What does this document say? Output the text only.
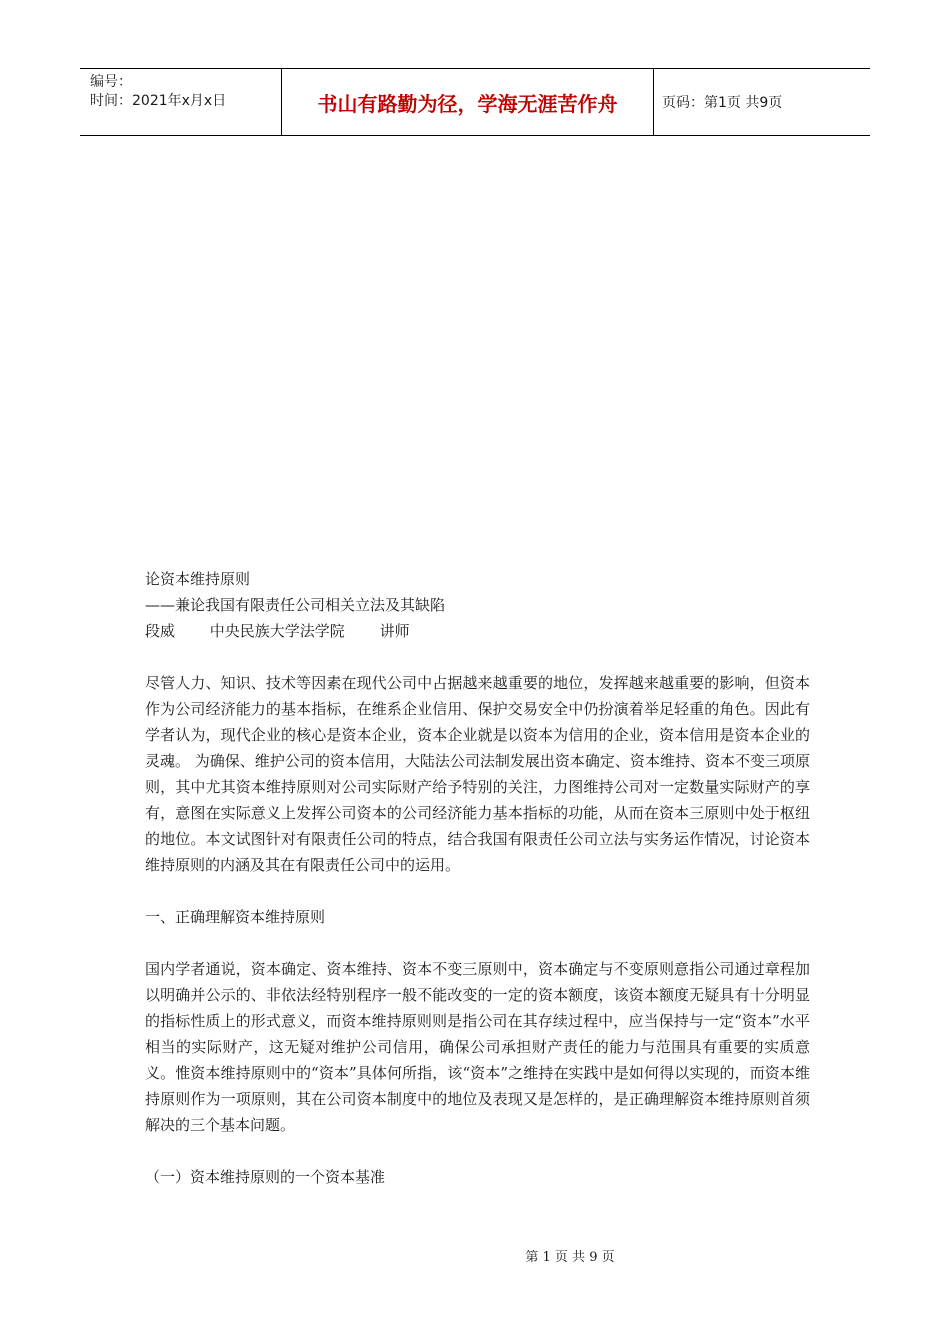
编号：
时间：2021年x月x日	书山有路勤为径，学海无涯苦作舟	页码：第1页 共9页
论资本维持原则
——兼论我国有限责任公司相关立法及其缺陷
段威 中央民族大学法学院 讲师

尽管人力、知识、技术等因素在现代公司中占据越来越重要的地位，发挥越来越重要的影响，但资本作为公司经济能力的基本指标，在维系企业信用、保护交易安全中仍扮演着举足轻重的角色。因此有学者认为，现代企业的核心是资本企业，资本企业就是以资本为信用的企业，资本信用是资本企业的灵魂。 为确保、维护公司的资本信用，大陆法公司法制发展出资本确定、资本维持、资本不变三项原则，其中尤其资本维持原则对公司实际财产给予特别的关注，力图维持公司对一定数量实际财产的享有，意图在实际意义上发挥公司资本的公司经济能力基本指标的功能，从而在资本三原则中处于枢纽的地位。本文试图针对有限责任公司的特点，结合我国有限责任公司立法与实务运作情况，讨论资本维持原则的内涵及其在有限责任公司中的运用。

一、正确理解资本维持原则

国内学者通说，资本确定、资本维持、资本不变三原则中，资本确定与不变原则意指公司通过章程加以明确并公示的、非依法经特别程序一般不能改变的一定的资本额度，该资本额度无疑具有十分明显的指标性质上的形式意义，而资本维持原则则是指公司在其存续过程中，应当保持与一定“资本”水平相当的实际财产，这无疑对维护公司信用，确保公司承担财产责任的能力与范围具有重要的实质意义。惟资本维持原则中的“资本”具体何所指，该“资本”之维持在实践中是如何得以实现的，而资本维持原则作为一项原则，其在公司资本制度中的地位及表现又是怎样的，是正确理解资本维持原则首须解决的三个基本问题。

（一）资本维持原则的一个资本基准
第 1 页 共 9 页
